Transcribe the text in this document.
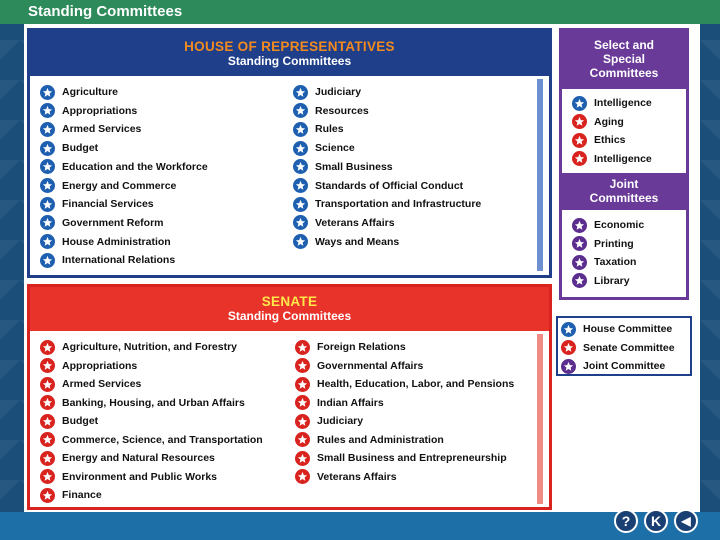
Standing Committees
HOUSE OF REPRESENTATIVES
Standing Committees
Agriculture
Appropriations
Armed Services
Budget
Education and the Workforce
Energy and Commerce
Financial Services
Government Reform
House Administration
International Relations
Judiciary
Resources
Rules
Science
Small Business
Standards of Official Conduct
Transportation and Infrastructure
Veterans Affairs
Ways and Means
SENATE
Standing Committees
Agriculture, Nutrition, and Forestry
Appropriations
Armed Services
Banking, Housing, and Urban Affairs
Budget
Commerce, Science, and Transportation
Energy and Natural Resources
Environment and Public Works
Finance
Foreign Relations
Governmental Affairs
Health, Education, Labor, and Pensions
Indian Affairs
Judiciary
Rules and Administration
Small Business and Entrepreneurship
Veterans Affairs
Select and
Special
Committees
Joint
Committees
Intelligence
Aging
Ethics
Intelligence
Economic
Printing
Taxation
Library
House Committee
Senate Committee
Joint Committee
?	K	◀
